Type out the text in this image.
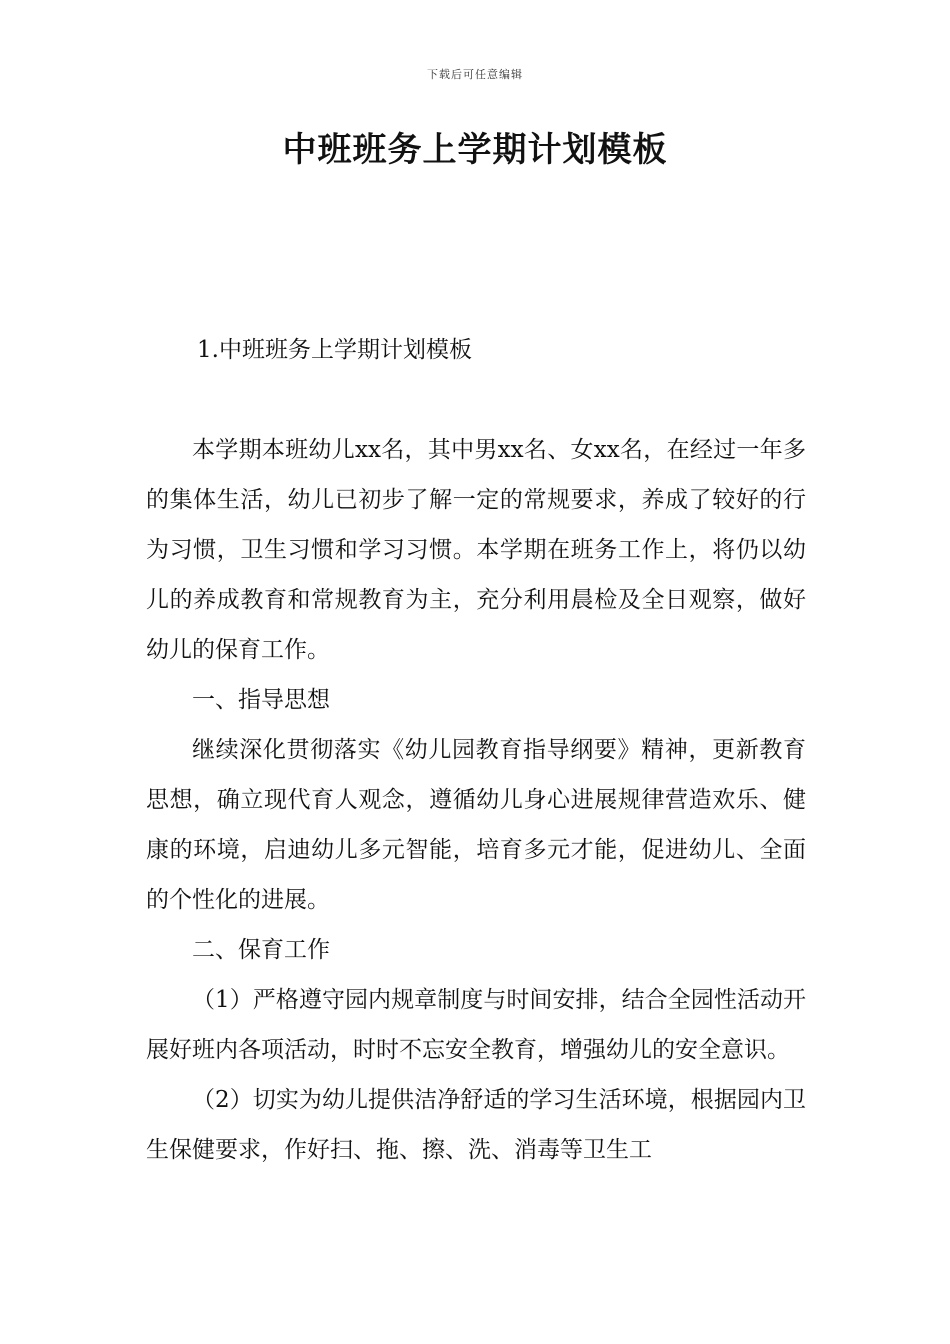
下载后可任意编辑
中班班务上学期计划模板
1.中班班务上学期计划模板

本学期本班幼儿xx名，其中男xx名、女xx名，在经过一年多的集体生活，幼儿已初步了解一定的常规要求，养成了较好的行为习惯，卫生习惯和学习习惯。本学期在班务工作上，将仍以幼儿的养成教育和常规教育为主，充分利用晨检及全日观察，做好幼儿的保育工作。

一、指导思想

继续深化贯彻落实《幼儿园教育指导纲要》精神，更新教育思想，确立现代育人观念，遵循幼儿身心进展规律营造欢乐、健康的环境，启迪幼儿多元智能，培育多元才能，促进幼儿、全面的个性化的进展。

二、保育工作

（1）严格遵守园内规章制度与时间安排，结合全园性活动开展好班内各项活动，时时不忘安全教育，增强幼儿的安全意识。

（2）切实为幼儿提供洁净舒适的学习生活环境，根据园内卫生保健要求，作好扫、拖、擦、洗、消毒等卫生工
